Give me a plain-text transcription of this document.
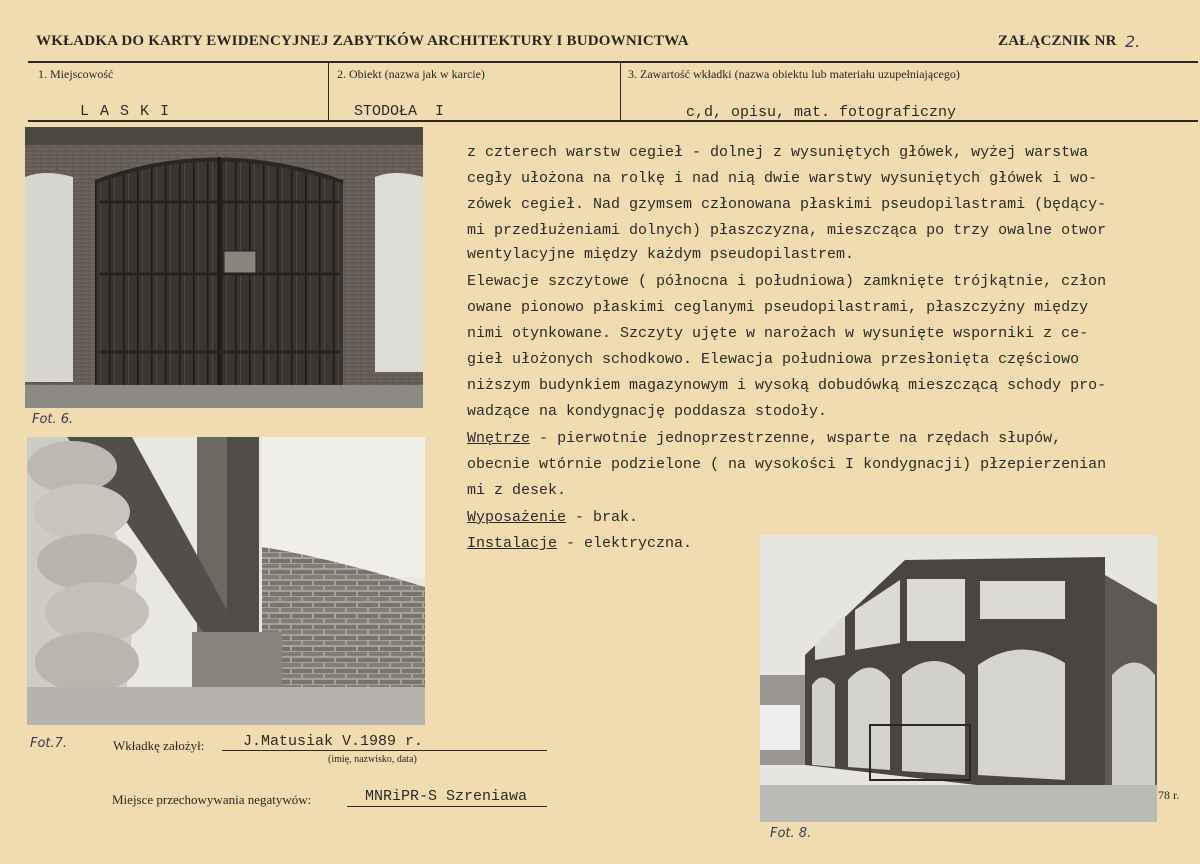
WKŁADKA DO KARTY EWIDENCYJNEJ ZABYTKÓW ARCHITEKTURY I BUDOWNICTWA	ZAŁĄCZNIK NR 2.
1. Miejscowość
L A S K I
2. Obiekt (nazwa jak w karcie)
STODOŁA  I
3. Zawartość wkładki (nazwa obiektu lub materiału uzupełniającego)
c,d, opisu, mat. fotograficzny
Fot. 6.
Fot.7.
Fot. 8.
z czterech warstw cegieł - dolnej z wysuniętych główek, wyżej warstwa
cegły ułożona na rolkę i nad nią dwie warstwy wysuniętych główek i wo-
zówek cegieł. Nad gzymsem członowana płaskimi pseudopilastrami (będący-
mi przedłużeniami dolnych) płaszczyzna, mieszcząca po trzy owalne otwor
wentylacyjne między każdym pseudopilastrem.
Elewacje szczytowe ( północna i południowa) zamknięte trójkątnie, człon
owane pionowo płaskimi ceglanymi pseudopilastrami, płaszczyżny między
nimi otynkowane. Szczyty ujęte w narożach w wysunięte wsporniki z ce-
gieł ułożonych schodkowo. Elewacja południowa przesłonięta częściowo
niższym budynkiem magazynowym i wysoką dobudówką mieszczącą schody pro-
wadzące na kondygnację poddasza stodoły.
Wnętrze - pierwotnie jednoprzestrzenne, wsparte na rzędach słupów,
obecnie wtórnie podzielone ( na wysokości I kondygnacji) płzepierzenian
mi z desek.
Wyposażenie - brak.
Instalacje - elektryczna.
Wkładkę założył:	J.Matusiak V.1989 r.
(imię, nazwisko, data)
Miejsce przechowywania negatywów:	MNRiPR-S Szreniawa	78 r.
